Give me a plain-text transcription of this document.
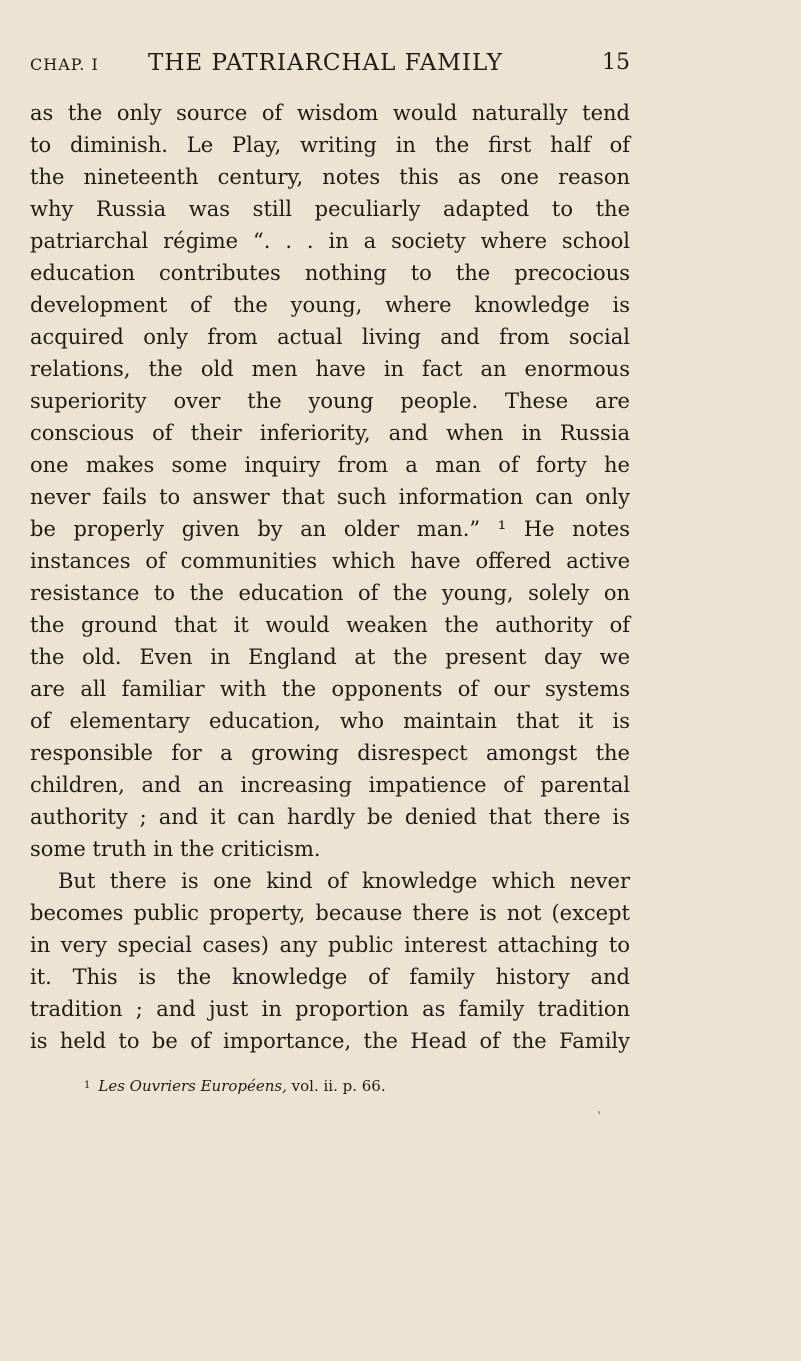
CHAP. I THE PATRIARCHAL FAMILY	15
as the only source of wisdom would naturally tend
to diminish. Le Play, writing in the first half of
the nineteenth century, notes this as one reason
why Russia was still peculiarly adapted to the
patriarchal régime “. . . in a society where school
education contributes nothing to the precocious
development of the young, where knowledge is
acquired only from actual living and from social
relations, the old men have in fact an enormous
superiority over the young people. These are
conscious of their inferiority, and when in Russia
one makes some inquiry from a man of forty he
never fails to answer that such information can only
be properly given by an older man.” ¹ He notes
instances of communities which have offered active
resistance to the education of the young, solely on
the ground that it would weaken the authority of
the old. Even in England at the present day we
are all familiar with the opponents of our systems
of elementary education, who maintain that it is
responsible for a growing disrespect amongst the
children, and an increasing impatience of parental
authority ; and it can hardly be denied that there is
some truth in the criticism.
But there is one kind of knowledge which never
becomes public property, because there is not (except
in very special cases) any public interest attaching to
it. This is the knowledge of family history and
tradition ; and just in proportion as family tradition
is held to be of importance, the Head of the Family
$^1$ Les Ouvriers Européens, vol. ii. p. 66.
